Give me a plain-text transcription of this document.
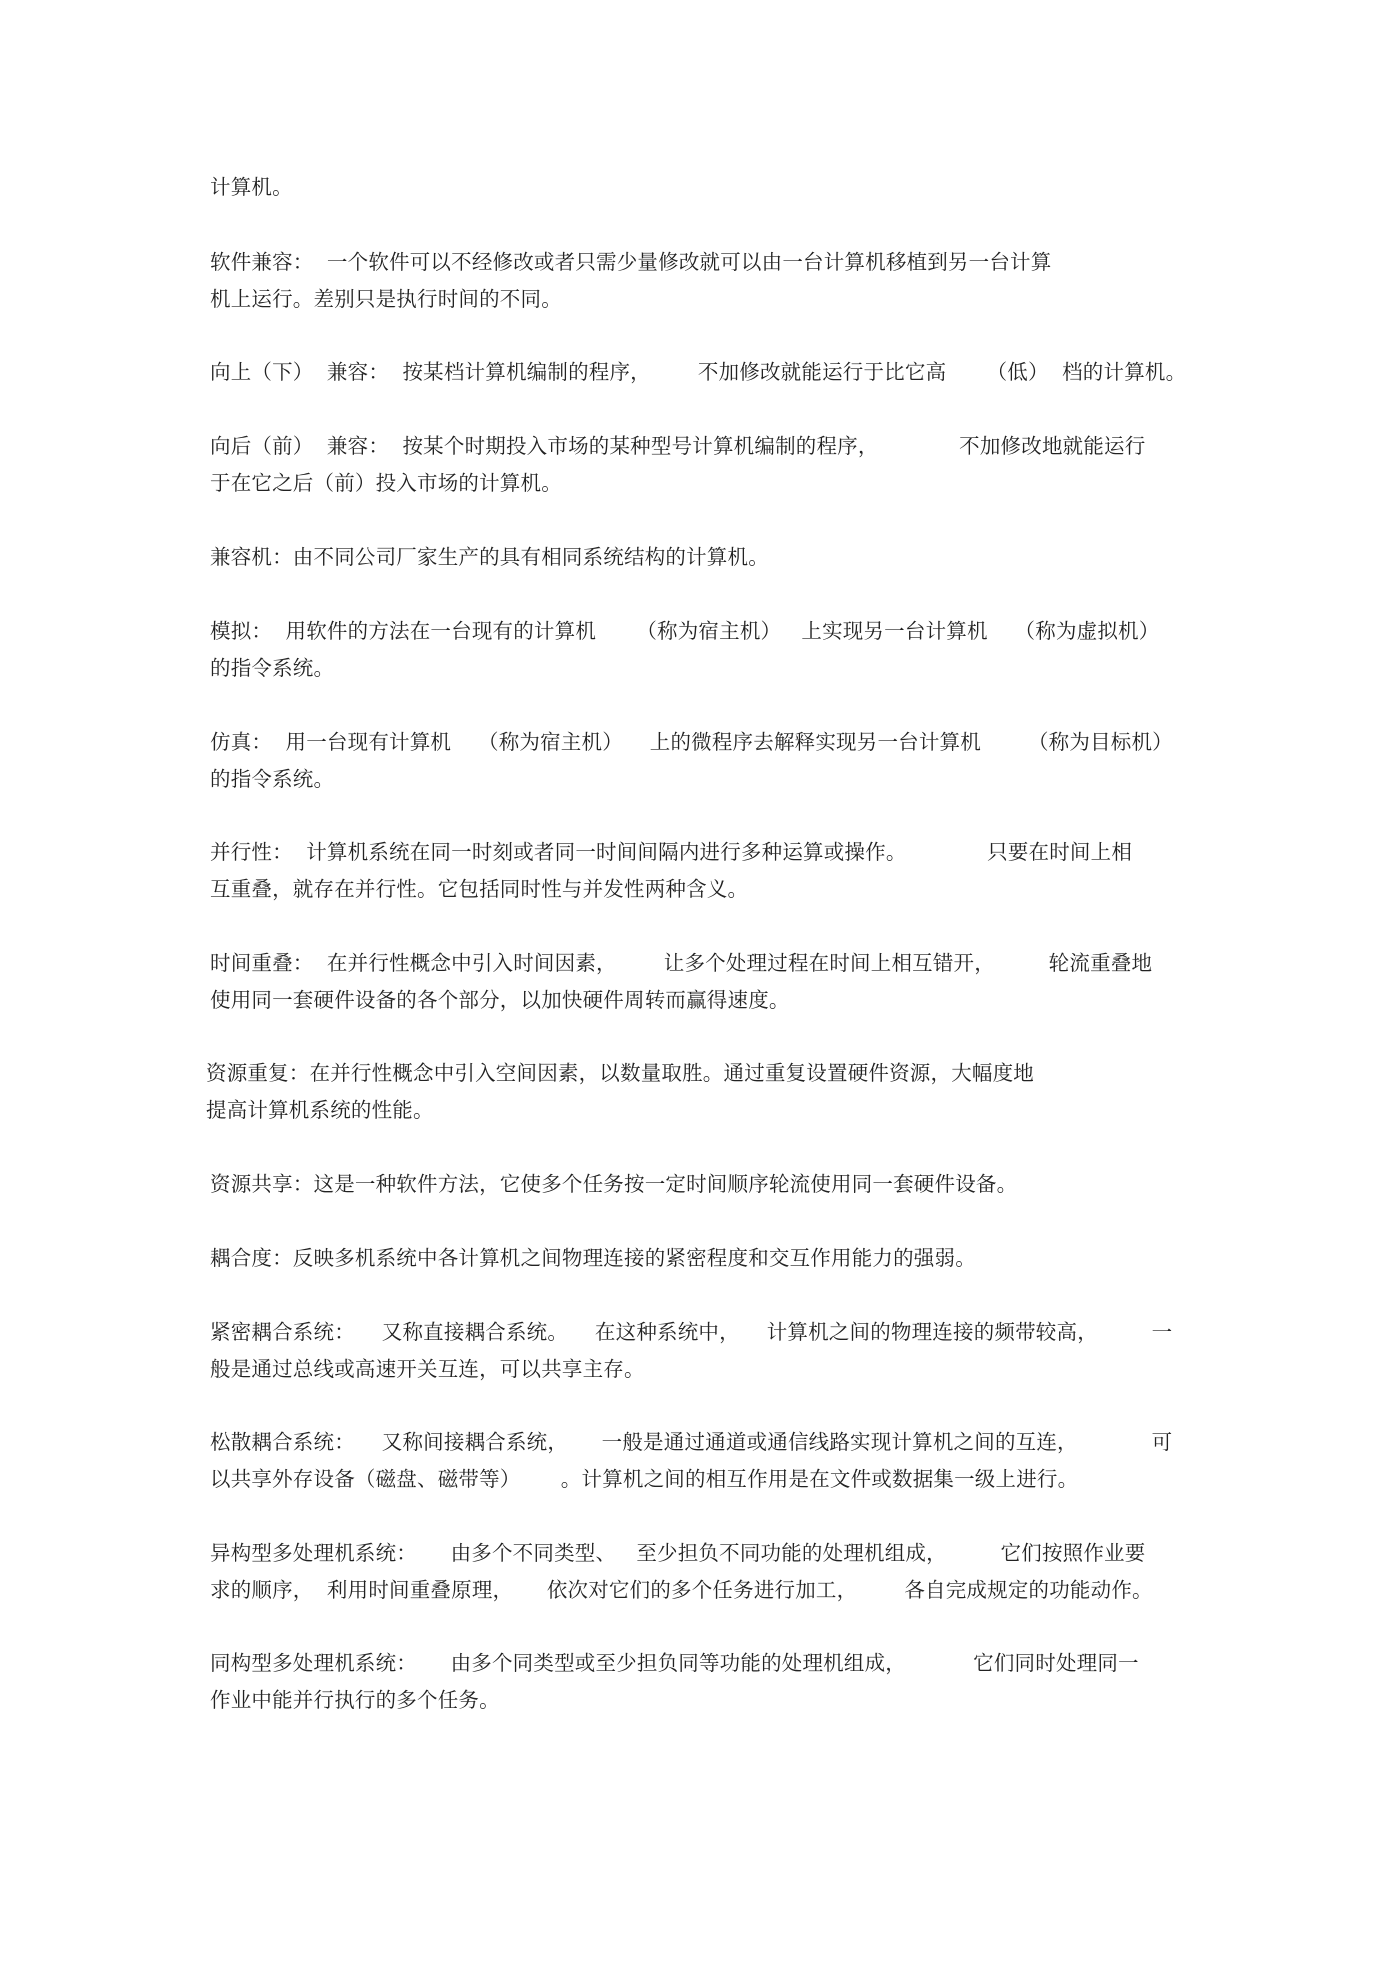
计算机。
软件兼容：  一个软件可以不经修改或者只需少量修改就可以由一台计算机移植到另一台计算
机上运行。差别只是执行时间的不同。
向上（下）  兼容：  按某档计算机编制的程序，       不加修改就能运行于比它高      （低）  档的计算机。
向后（前）  兼容：  按某个时期投入市场的某种型号计算机编制的程序，            不加修改地就能运行
于在它之后（前）投入市场的计算机。
兼容机：由不同公司厂家生产的具有相同系统结构的计算机。
模拟：  用软件的方法在一台现有的计算机      （称为宿主机）   上实现另一台计算机    （称为虚拟机）
的指令系统。
仿真：  用一台现有计算机    （称为宿主机）    上的微程序去解释实现另一台计算机       （称为目标机）
的指令系统。
并行性：  计算机系统在同一时刻或者同一时间间隔内进行多种运算或操作。            只要在时间上相
互重叠，就存在并行性。它包括同时性与并发性两种含义。
时间重叠：  在并行性概念中引入时间因素，       让多个处理过程在时间上相互错开，        轮流重叠地
使用同一套硬件设备的各个部分，以加快硬件周转而赢得速度。
资源重复：在并行性概念中引入空间因素，以数量取胜。通过重复设置硬件资源，大幅度地
提高计算机系统的性能。
资源共享：这是一种软件方法，它使多个任务按一定时间顺序轮流使用同一套硬件设备。
耦合度：反映多机系统中各计算机之间物理连接的紧密程度和交互作用能力的强弱。
紧密耦合系统：    又称直接耦合系统。    在这种系统中，    计算机之间的物理连接的频带较高，        一
般是通过总线或高速开关互连，可以共享主存。
松散耦合系统：    又称间接耦合系统，     一般是通过通道或通信线路实现计算机之间的互连，           可
以共享外存设备（磁盘、磁带等）      。计算机之间的相互作用是在文件或数据集一级上进行。
异构型多处理机系统：     由多个不同类型、   至少担负不同功能的处理机组成，        它们按照作业要
求的顺序，  利用时间重叠原理，     依次对它们的多个任务进行加工，       各自完成规定的功能动作。
同构型多处理机系统：     由多个同类型或至少担负同等功能的处理机组成，          它们同时处理同一
作业中能并行执行的多个任务。
